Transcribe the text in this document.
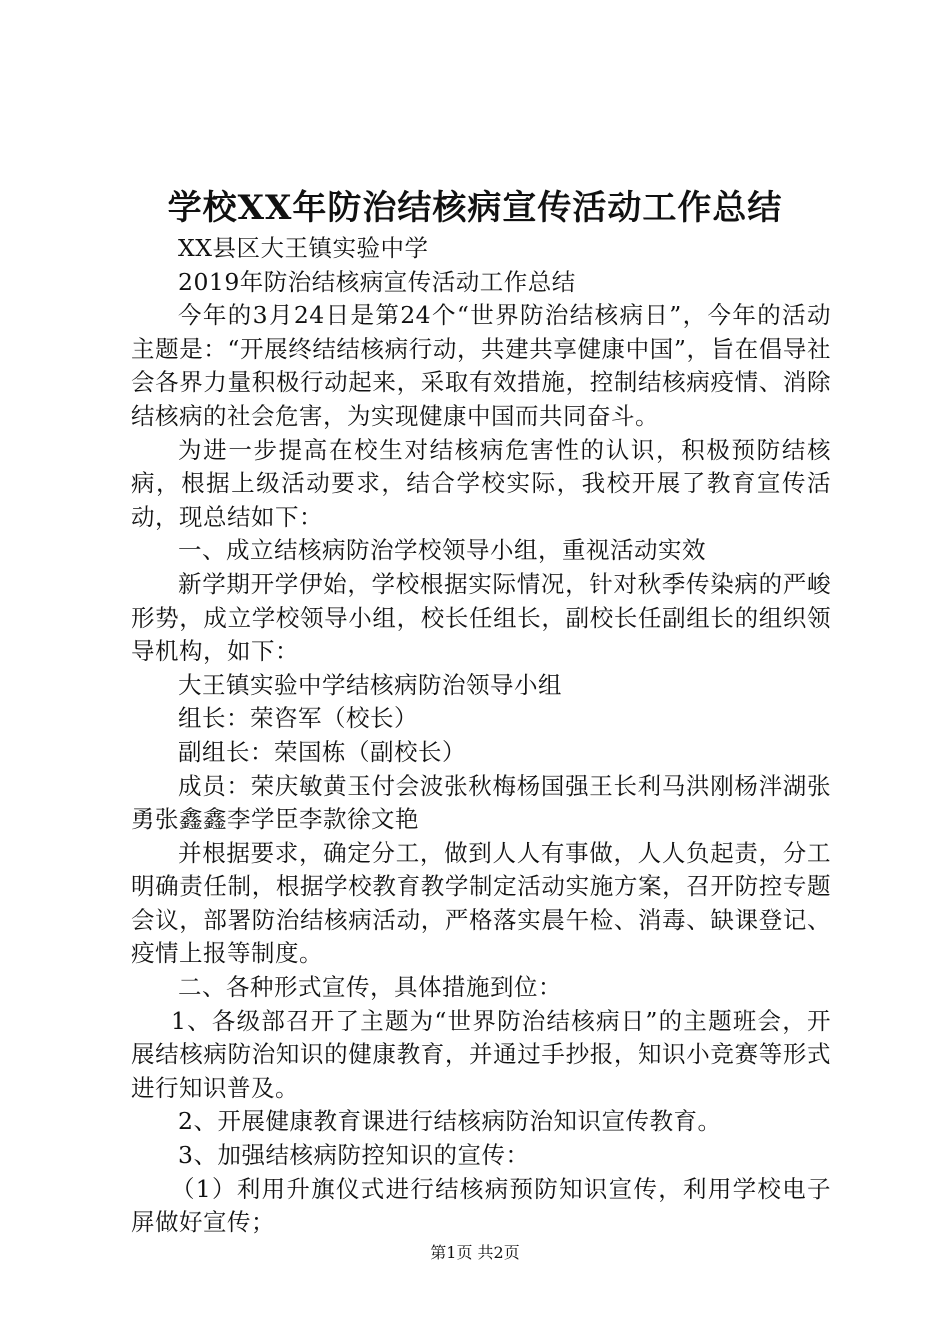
学校XX年防治结核病宣传活动工作总结

XX县区大王镇实验中学

2019年防治结核病宣传活动工作总结

今年的3月24日是第24个“世界防治结核病日”，今年的活动主题是：“开展终结结核病行动，共建共享健康中国”，旨在倡导社会各界力量积极行动起来，采取有效措施，控制结核病疫情、消除结核病的社会危害，为实现健康中国而共同奋斗。

为进一步提高在校生对结核病危害性的认识，积极预防结核病，根据上级活动要求，结合学校实际，我校开展了教育宣传活动，现总结如下：

一、成立结核病防治学校领导小组，重视活动实效

新学期开学伊始，学校根据实际情况，针对秋季传染病的严峻形势，成立学校领导小组，校长任组长，副校长任副组长的组织领导机构，如下：

大王镇实验中学结核病防治领导小组

组长：荣咨军（校长）

副组长：荣国栋（副校长）

成员：荣庆敏黄玉付会波张秋梅杨国强王长利马洪刚杨泮湖张勇张鑫鑫李学臣李款徐文艳

并根据要求，确定分工，做到人人有事做，人人负起责，分工明确责任制，根据学校教育教学制定活动实施方案，召开防控专题会议，部署防治结核病活动，严格落实晨午检、消毒、缺课登记、疫情上报等制度。

二、各种形式宣传，具体措施到位：

1、各级部召开了主题为“世界防治结核病日”的主题班会，开展结核病防治知识的健康教育，并通过手抄报，知识小竞赛等形式进行知识普及。

2、开展健康教育课进行结核病防治知识宣传教育。

3、加强结核病防控知识的宣传：

（1）利用升旗仪式进行结核病预防知识宣传，利用学校电子屏做好宣传；

第1页 共2页
